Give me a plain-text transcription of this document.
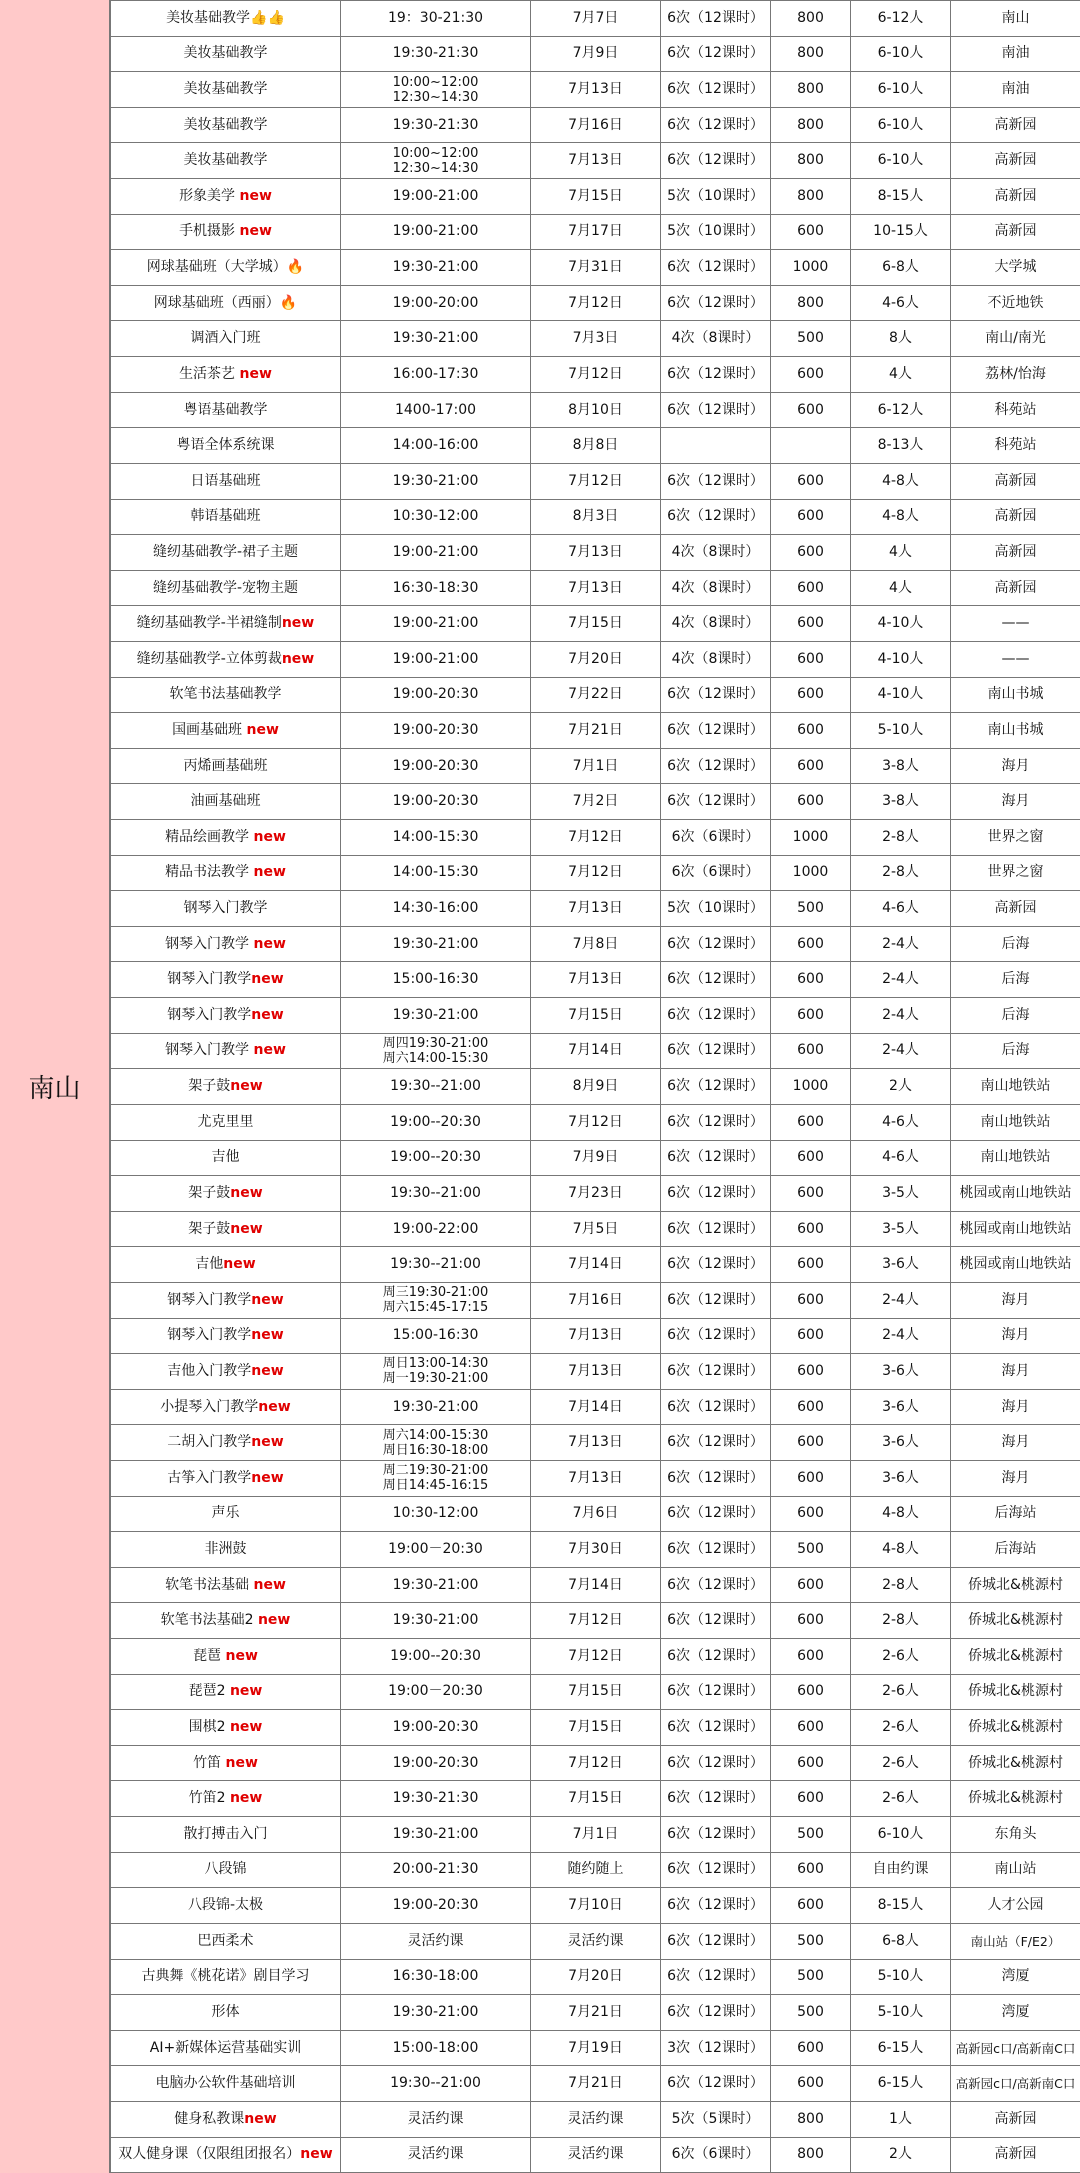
南山
美妆基础教学👍👍	19：30-21:30	7月7日	6次（12课时）	800	6-12人	南山
美妆基础教学	19:30-21:30	7月9日	6次（12课时）	800	6-10人	南油
美妆基础教学	10:00~12:00
12:30~14:30	7月13日	6次（12课时）	800	6-10人	南油
美妆基础教学	19:30-21:30	7月16日	6次（12课时）	800	6-10人	高新园
美妆基础教学	10:00~12:00
12:30~14:30	7月13日	6次（12课时）	800	6-10人	高新园
形象美学 new	19:00-21:00	7月15日	5次（10课时）	800	8-15人	高新园
手机摄影 new	19:00-21:00	7月17日	5次（10课时）	600	10-15人	高新园
网球基础班（大学城）🔥	19:30-21:00	7月31日	6次（12课时）	1000	6-8人	大学城
网球基础班（西丽）🔥	19:00-20:00	7月12日	6次（12课时）	800	4-6人	不近地铁
调酒入门班	19:30-21:00	7月3日	4次（8课时）	500	8人	南山/南光
生活茶艺 new	16:00-17:30	7月12日	6次（12课时）	600	4人	荔林/怡海
粤语基础教学	1400-17:00	8月10日	6次（12课时）	600	6-12人	科苑站
粤语全体系统课	14:00-16:00	8月8日			8-13人	科苑站
日语基础班	19:30-21:00	7月12日	6次（12课时）	600	4-8人	高新园
韩语基础班	10:30-12:00	8月3日	6次（12课时）	600	4-8人	高新园
缝纫基础教学-裙子主题	19:00-21:00	7月13日	4次（8课时）	600	4人	高新园
缝纫基础教学-宠物主题	16:30-18:30	7月13日	4次（8课时）	600	4人	高新园
缝纫基础教学-半裙缝制new	19:00-21:00	7月15日	4次（8课时）	600	4-10人	——
缝纫基础教学-立体剪裁new	19:00-21:00	7月20日	4次（8课时）	600	4-10人	——
软笔书法基础教学	19:00-20:30	7月22日	6次（12课时）	600	4-10人	南山书城
国画基础班 new	19:00-20:30	7月21日	6次（12课时）	600	5-10人	南山书城
丙烯画基础班	19:00-20:30	7月1日	6次（12课时）	600	3-8人	海月
油画基础班	19:00-20:30	7月2日	6次（12课时）	600	3-8人	海月
精品绘画教学 new	14:00-15:30	7月12日	6次（6课时）	1000	2-8人	世界之窗
精品书法教学 new	14:00-15:30	7月12日	6次（6课时）	1000	2-8人	世界之窗
钢琴入门教学	14:30-16:00	7月13日	5次（10课时）	500	4-6人	高新园
钢琴入门教学 new	19:30-21:00	7月8日	6次（12课时）	600	2-4人	后海
钢琴入门教学new	15:00-16:30	7月13日	6次（12课时）	600	2-4人	后海
钢琴入门教学new	19:30-21:00	7月15日	6次（12课时）	600	2-4人	后海
钢琴入门教学 new	周四19:30-21:00
周六14:00-15:30	7月14日	6次（12课时）	600	2-4人	后海
架子鼓new	19:30--21:00	8月9日	6次（12课时）	1000	2人	南山地铁站
尤克里里	19:00--20:30	7月12日	6次（12课时）	600	4-6人	南山地铁站
吉他	19:00--20:30	7月9日	6次（12课时）	600	4-6人	南山地铁站
架子鼓new	19:30--21:00	7月23日	6次（12课时）	600	3-5人	桃园或南山地铁站
架子鼓new	19:00-22:00	7月5日	6次（12课时）	600	3-5人	桃园或南山地铁站
吉他new	19:30--21:00	7月14日	6次（12课时）	600	3-6人	桃园或南山地铁站
钢琴入门教学new	周三19:30-21:00
周六15:45-17:15	7月16日	6次（12课时）	600	2-4人	海月
钢琴入门教学new	15:00-16:30	7月13日	6次（12课时）	600	2-4人	海月
吉他入门教学new	周日13:00-14:30
周一19:30-21:00	7月13日	6次（12课时）	600	3-6人	海月
小提琴入门教学new	19:30-21:00	7月14日	6次（12课时）	600	3-6人	海月
二胡入门教学new	周六14:00-15:30
周日16:30-18:00	7月13日	6次（12课时）	600	3-6人	海月
古筝入门教学new	周二19:30-21:00
周日14:45-16:15	7月13日	6次（12课时）	600	3-6人	海月
声乐	10:30-12:00	7月6日	6次（12课时）	600	4-8人	后海站
非洲鼓	19:00－20:30	7月30日	6次（12课时）	500	4-8人	后海站
软笔书法基础 new	19:30-21:00	7月14日	6次（12课时）	600	2-8人	侨城北&桃源村
软笔书法基础2 new	19:30-21:00	7月12日	6次（12课时）	600	2-8人	侨城北&桃源村
琵琶 new	19:00--20:30	7月12日	6次（12课时）	600	2-6人	侨城北&桃源村
琵琶2 new	19:00－20:30	7月15日	6次（12课时）	600	2-6人	侨城北&桃源村
围棋2 new	19:00-20:30	7月15日	6次（12课时）	600	2-6人	侨城北&桃源村
竹笛 new	19:00-20:30	7月12日	6次（12课时）	600	2-6人	侨城北&桃源村
竹笛2 new	19:30-21:30	7月15日	6次（12课时）	600	2-6人	侨城北&桃源村
散打搏击入门	19:30-21:00	7月1日	6次（12课时）	500	6-10人	东角头
八段锦	20:00-21:30	随约随上	6次（12课时）	600	自由约课	南山站
八段锦-太极	19:00-20:30	7月10日	6次（12课时）	600	8-15人	人才公园
巴西柔术	灵活约课	灵活约课	6次（12课时）	500	6-8人	南山站（F/E2）
古典舞《桃花诺》剧目学习	16:30-18:00	7月20日	6次（12课时）	500	5-10人	湾厦
形体	19:30-21:00	7月21日	6次（12课时）	500	5-10人	湾厦
AI+新媒体运营基础实训	15:00-18:00	7月19日	3次（12课时）	600	6-15人	高新园c口/高新南C口
电脑办公软件基础培训	19:30--21:00	7月21日	6次（12课时）	600	6-15人	高新园c口/高新南C口
健身私教课new	灵活约课	灵活约课	5次（5课时）	800	1人	高新园
双人健身课（仅限组团报名）new	灵活约课	灵活约课	6次（6课时）	800	2人	高新园
